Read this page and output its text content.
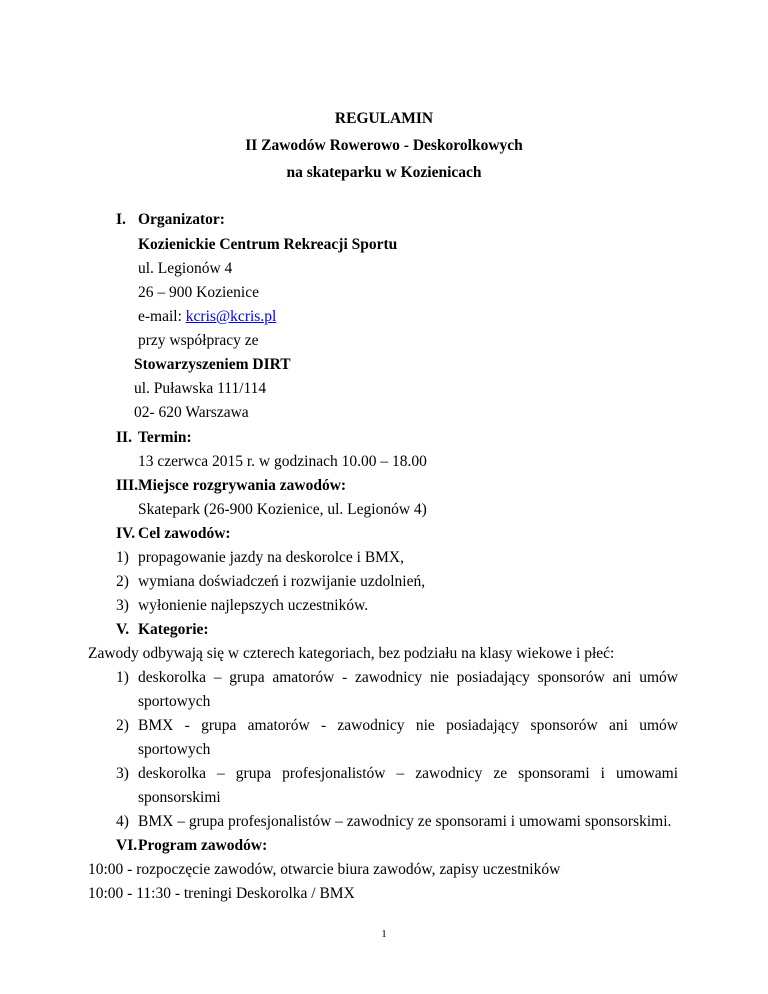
REGULAMIN
II Zawodów Rowerowo - Deskorolkowych
na skateparku w Kozienicach
I. Organizator:
Kozienickie Centrum Rekreacji Sportu
ul. Legionów 4
26 – 900 Kozienice
e-mail: kcris@kcris.pl
przy współpracy ze
Stowarzyszeniem DIRT
ul. Puławska 111/114
02- 620 Warszawa
II. Termin:
13 czerwca 2015 r. w godzinach 10.00 – 18.00
III. Miejsce rozgrywania zawodów:
Skatepark (26-900 Kozienice, ul. Legionów 4)
IV. Cel zawodów:
1) propagowanie jazdy na deskorolce i BMX,
2) wymiana doświadczeń i rozwijanie uzdolnień,
3) wyłonienie najlepszych uczestników.
V. Kategorie:
Zawody odbywają się w czterech kategoriach, bez podziału na klasy wiekowe i płeć:
1) deskorolka – grupa amatorów - zawodnicy nie posiadający sponsorów ani umów
sportowych
2) BMX - grupa amatorów - zawodnicy nie posiadający sponsorów ani umów
sportowych
3) deskorolka – grupa profesjonalistów – zawodnicy ze sponsorami i umowami
sponsorskimi
4) BMX – grupa profesjonalistów – zawodnicy ze sponsorami i umowami sponsorskimi.
VI. Program zawodów:
10:00 - rozpoczęcie zawodów, otwarcie biura zawodów, zapisy uczestników
10:00 - 11:30 - treningi Deskorolka / BMX
1
